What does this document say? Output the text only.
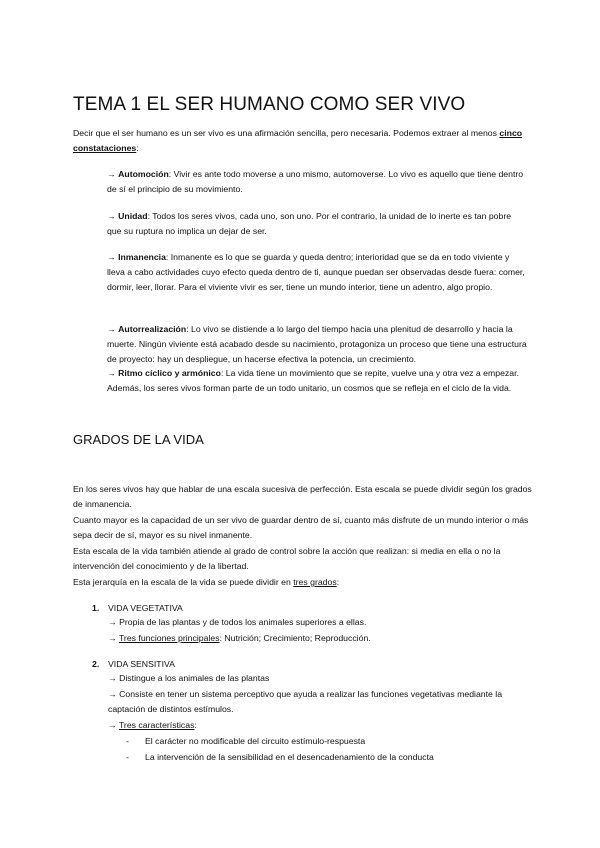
TEMA 1 EL SER HUMANO COMO SER VIVO

Decir que el ser humano es un ser vivo es una afirmación sencilla, pero necesaria. Podemos extraer al menos cinco constataciones:

→ Automoción: Vivir es ante todo moverse a uno mismo, automoverse. Lo vivo es aquello que tiene dentro de sí el principio de su movimiento.

→ Unidad: Todos los seres vivos, cada uno, son uno. Por el contrario, la unidad de lo inerte es tan pobre que su ruptura no implica un dejar de ser.

→ Inmanencia: Inmanente es lo que se guarda y queda dentro; interioridad que se da en todo viviente y lleva a cabo actividades cuyo efecto queda dentro de ti, aunque puedan ser observadas desde fuera: comer, dormir, leer, llorar. Para el viviente vivir es ser, tiene un mundo interior, tiene un adentro, algo propio.

→ Autorrealización: Lo vivo se distiende a lo largo del tiempo hacia una plenitud de desarrollo y hacia la muerte. Ningún viviente está acabado desde su nacimiento, protagoniza un proceso que tiene una estructura de proyecto: hay un despliegue, un hacerse efectiva la potencia, un crecimiento.

→ Ritmo cíclico y armónico: La vida tiene un movimiento que se repite, vuelve una y otra vez a empezar. Además, los seres vivos forman parte de un todo unitario, un cosmos que se refleja en el ciclo de la vida.

GRADOS DE LA VIDA

En los seres vivos hay que hablar de una escala sucesiva de perfección. Esta escala se puede dividir según los grados de inmanencia.

Cuanto mayor es la capacidad de un ser vivo de guardar dentro de sí, cuanto más disfrute de un mundo interior o más sepa decir de sí, mayor es su nivel inmanente.

Esta escala de la vida también atiende al grado de control sobre la acción que realizan: si media en ella o no la intervención del conocimiento y de la libertad.

Esta jerarquía en la escala de la vida se puede dividir en tres grados:

1. VIDA VEGETATIVA
→ Propia de las plantas y de todos los animales superiores a ellas.
→ Tres funciones principales: Nutrición; Crecimiento; Reproducción.
2. VIDA SENSITIVA
→ Distingue a los animales de las plantas
→ Consiste en tener un sistema perceptivo que ayuda a realizar las funciones vegetativas mediante la captación de distintos estímulos.
→ Tres características:
- El carácter no modificable del circuito estímulo-respuesta
- La intervención de la sensibilidad en el desencadenamiento de la conducta
